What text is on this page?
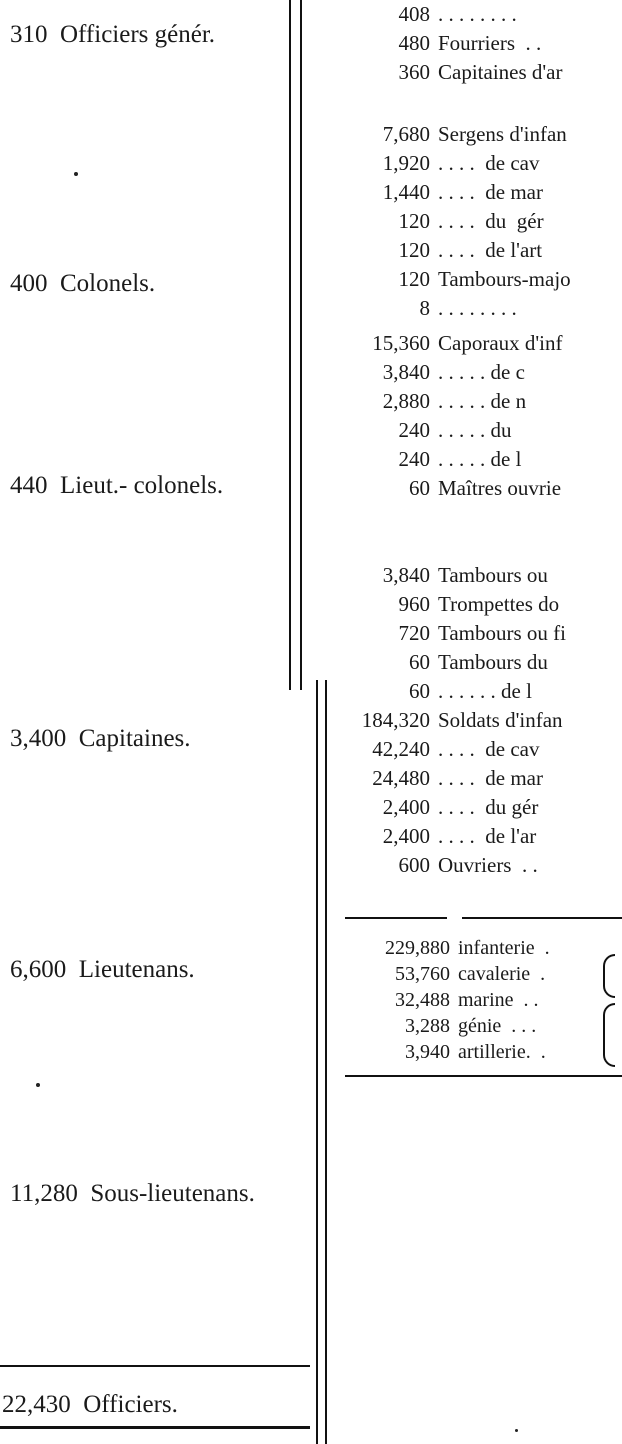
310  Officiers génér.
400  Colonels.
440  Lieut.- colonels.
3,400  Capitaines.
6,600  Lieutenans.
11,280  Sous-lieutenans.
22,430  Officiers.
408 . . . . . . . .
480 Fourriers  . .
360 Capitaines d'ar
7,680 Sergens d'infan
1,920 . . . .  de cav
1,440 . . . .  de mar
120 . . . .  du  gér
120 . . . .  de l'art
120 Tambours-majo
8 . . . . . . . .
15,360 Caporaux d'inf
3,840 . . . . . de c
2,880 . . . . . de n
240 . . . . . du
240 . . . . . de l
60 Maîtres ouvrie
3,840 Tambours ou
960 Trompettes do
720 Tambours ou fi
60 Tambours du
60 . . . . . . de l
184,320 Soldats d'infan
42,240 . . . .  de cav
24,480 . . . .  de mar
2,400 . . . .  du gér
2,400 . . . .  de l'ar
600 Ouvriers  . .
229,880 infanterie  .
53,760 cavalerie  .
32,488 marine  . .
3,288 génie  . . .
3,940 artillerie.  .
